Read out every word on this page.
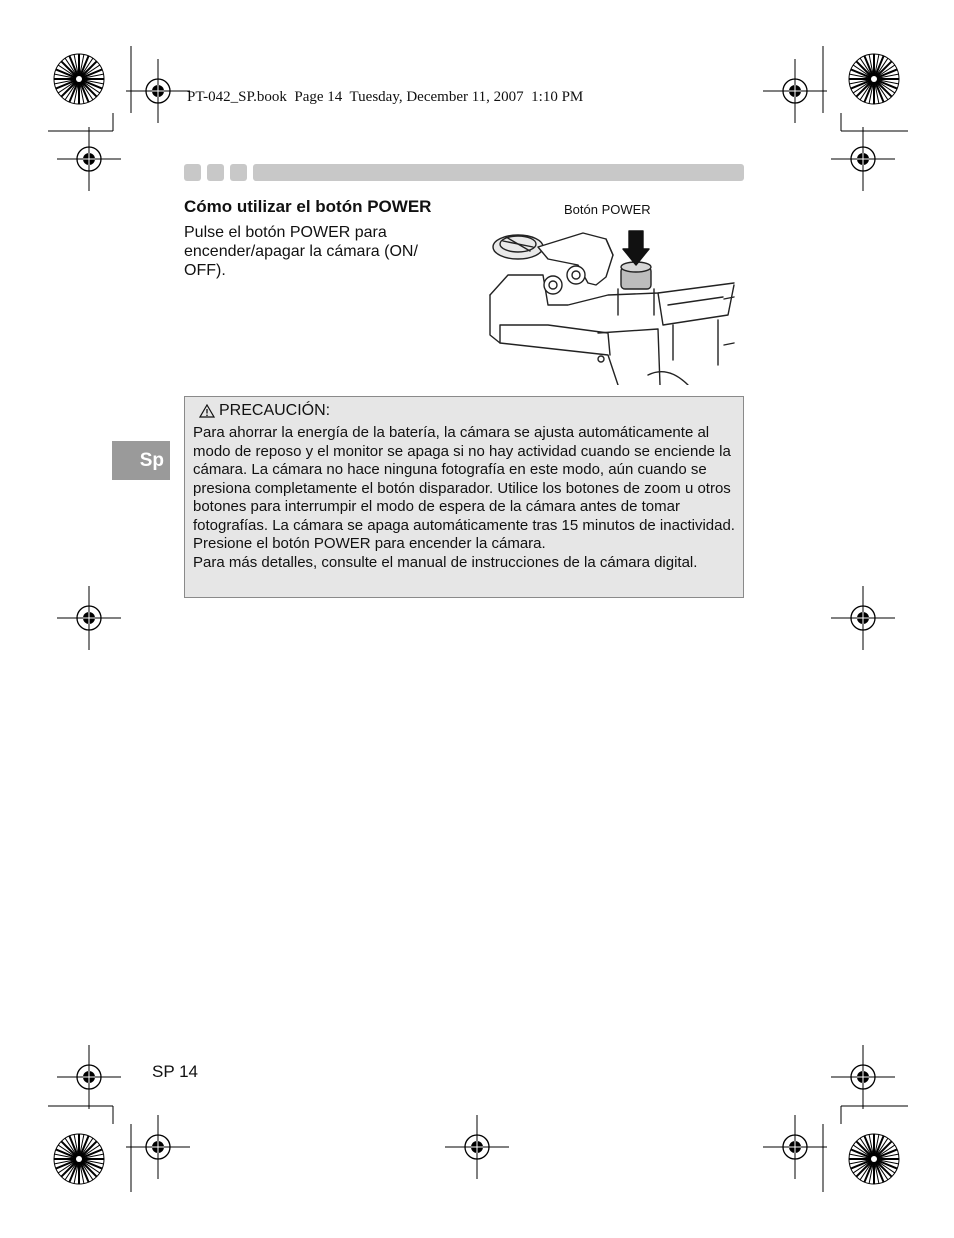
PT-042_SP.book  Page 14  Tuesday, December 11, 2007  1:10 PM
Cómo utilizar el botón POWER
Pulse el botón POWER para encender/apagar la cámara (ON/ OFF).
Botón POWER
Sp
PRECAUCIÓN:

Para ahorrar la energía de la batería, la cámara se ajusta automáticamente al modo de reposo y el monitor se apaga si no hay actividad cuando se enciende la cámara. La cámara no hace ninguna fotografía en este modo, aún cuando se presiona completamente el botón disparador. Utilice los botones de zoom u otros botones para interrumpir el modo de espera de la cámara antes de tomar fotografías. La cámara se apaga automáticamente tras 15 minutos de inactividad. Presione el botón POWER para encender la cámara.

Para más detalles, consulte el manual de instrucciones de la cámara digital.

SP 14
